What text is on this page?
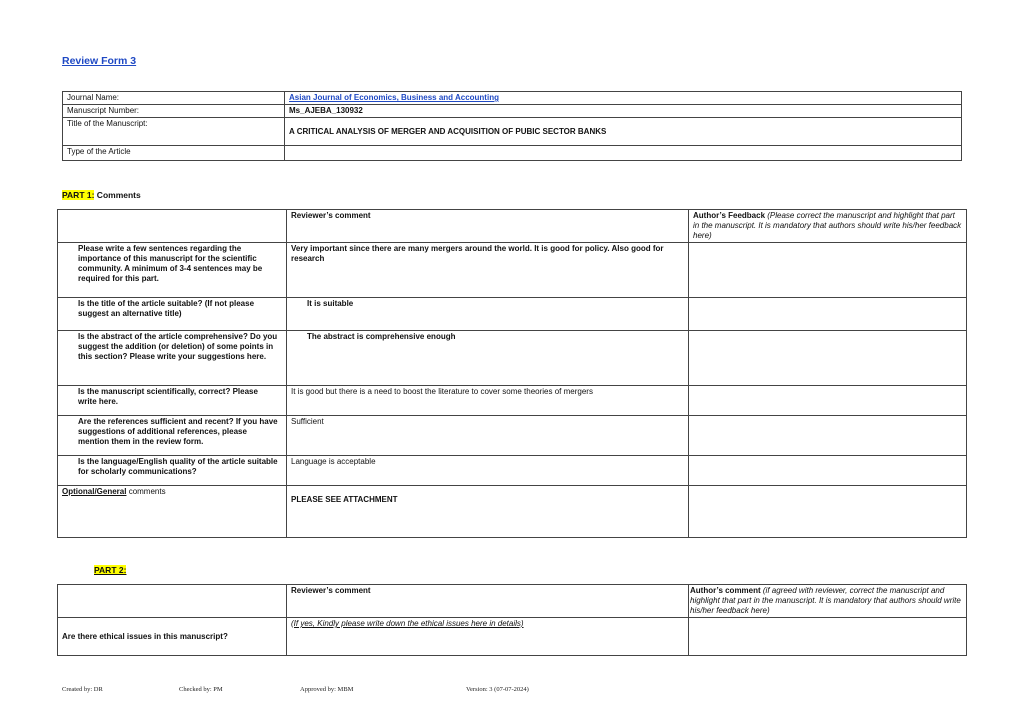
Review Form 3
Journal Name:	Asian Journal of Economics, Business and Accounting
Manuscript Number:	Ms_AJEBA_130932
Title of the Manuscript:	A CRITICAL ANALYSIS OF MERGER AND ACQUISITION OF PUBIC SECTOR BANKS
Type of the Article	
PART 1: Comments
	Reviewer’s comment	Author’s Feedback (Please correct the manuscript and highlight that part in the manuscript. It is mandatory that authors should write his/her feedback here)
Please write a few sentences regarding the importance of this manuscript for the scientific community. A minimum of 3-4 sentences may be required for this part.	Very important since there are many mergers around the world. It is good for policy. Also good for research	
Is the title of the article suitable? (If not please suggest an alternative title)	It is suitable	
Is the abstract of the article comprehensive? Do you suggest the addition (or deletion) of some points in this section? Please write your suggestions here.	The abstract is comprehensive enough	
Is the manuscript scientifically, correct? Please write here.	It is good but there is a need to boost the literature to cover some theories of mergers	
Are the references sufficient and recent? If you have suggestions of additional references, please mention them in the review form.	Sufficient	
Is the language/English quality of the article suitable for scholarly communications?	Language is acceptable	
Optional/General comments	PLEASE SEE ATTACHMENT	
PART 2:
	Reviewer’s comment	Author’s comment (if agreed with reviewer, correct the manuscript and highlight that part in the manuscript. It is mandatory that authors should write his/her feedback here)
Are there ethical issues in this manuscript?	(If yes, Kindly please write down the ethical issues here in details)	
Created by: DR	Checked by: PM	Approved by: MBM	Version: 3 (07-07-2024)
